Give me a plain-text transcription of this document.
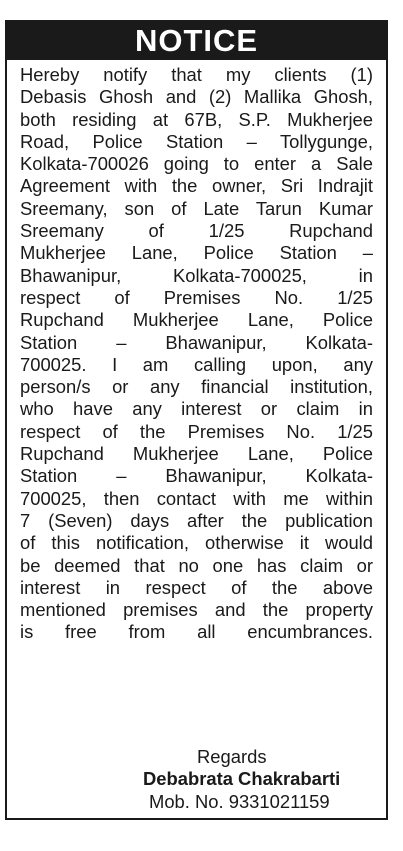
NOTICE
Hereby notify that my clients (1)
Debasis Ghosh and (2) Mallika Ghosh,
both residing at 67B, S.P. Mukherjee
Road, Police Station – Tollygunge,
Kolkata-700026 going to enter a Sale
Agreement with the owner, Sri Indrajit
Sreemany, son of Late Tarun Kumar
Sreemany of 1/25 Rupchand
Mukherjee Lane, Police Station –
Bhawanipur, Kolkata-700025, in
respect of Premises No. 1/25
Rupchand Mukherjee Lane, Police
Station – Bhawanipur, Kolkata-
700025. I am calling upon, any
person/s or any financial institution,
who have any interest or claim in
respect of the Premises No. 1/25
Rupchand Mukherjee Lane, Police
Station – Bhawanipur, Kolkata-
700025, then contact with me within
7 (Seven) days after the publication
of this notification, otherwise it would
be deemed that no one has claim or
interest in respect of the above
mentioned premises and the property
is free from all encumbrances.
Regards
Debabrata Chakrabarti
Mob. No. 9331021159
